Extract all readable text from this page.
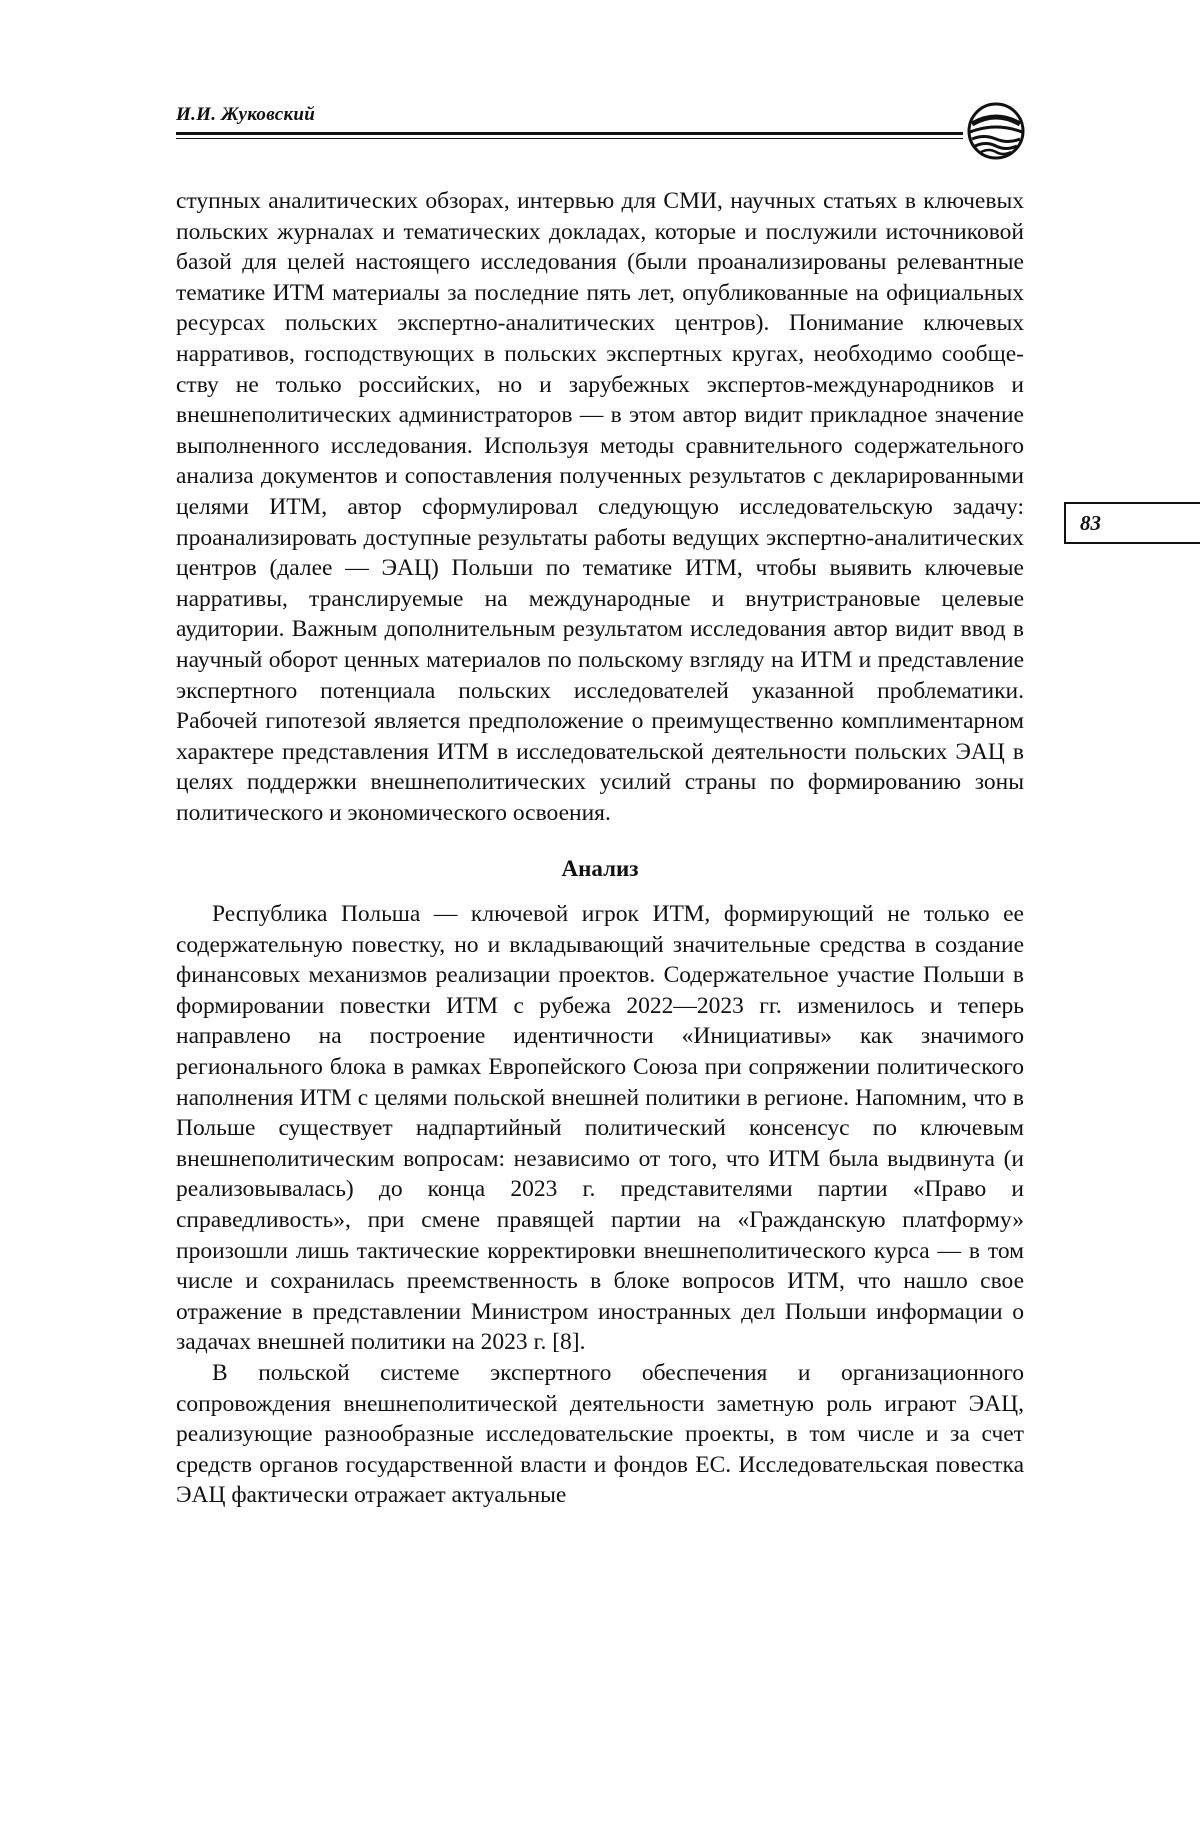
И.И. Жуковский
83

ступных аналитических обзорах, интервью для СМИ, научных статьях в ключевых польских журналах и тематических докладах, которые и послужили источниковой базой для целей настоящего исследования (были проанализированы релевантные тематике ИТМ материалы за последние пять лет, опубликованные на официальных ресурсах польских экспертно-аналитических центров). Понимание ключевых нарративов, господствующих в польских экспертных кругах, необходимо сообществу не только российских, но и зарубежных экспертов-международников и внешнеполитических администраторов — в этом автор видит прикладное значение выполненного исследования. Используя методы сравнительного содержательного анализа документов и сопоставления полученных результатов с декларированными целями ИТМ, автор сформулировал следующую исследовательскую задачу: проанализировать доступные результаты работы ведущих экспертно-аналитических центров (далее — ЭАЦ) Польши по тематике ИТМ, чтобы выявить ключевые нарративы, транслируемые на международные и внутристрановые целевые аудитории. Важным дополнительным результатом исследования автор видит ввод в научный оборот ценных материалов по польскому взгляду на ИТМ и представление экспертного потенциала польских исследователей указанной проблематики. Рабочей гипотезой является предположение о преимущественно комплиментарном характере представления ИТМ в исследовательской деятельности польских ЭАЦ в целях поддержки внешнеполитических усилий страны по формированию зоны политического и экономического освоения.

Анализ

Республика Польша — ключевой игрок ИТМ, формирующий не только ее содержательную повестку, но и вкладывающий значительные средства в создание финансовых механизмов реализации проектов. Содержательное участие Польши в формировании повестки ИТМ с рубежа 2022—2023 гг. изменилось и теперь направлено на построение идентичности «Инициативы» как значимого регионального блока в рамках Европейского Союза при сопряжении политического наполнения ИТМ с целями польской внешней политики в регионе. Напомним, что в Польше существует надпартийный политический консенсус по ключевым внешнеполитическим вопросам: независимо от того, что ИТМ была выдвинута (и реализовывалась) до конца 2023 г. представителями партии «Право и справедливость», при смене правящей партии на «Гражданскую платформу» произошли лишь тактические корректировки внешнеполитического курса — в том числе и сохранилась преемственность в блоке вопросов ИТМ, что нашло свое отражение в представлении Министром иностранных дел Польши информации о задачах внешней политики на 2023 г. [8].

В польской системе экспертного обеспечения и организационного сопровождения внешнеполитической деятельности заметную роль играют ЭАЦ, реализующие разнообразные исследовательские проекты, в том числе и за счет средств органов государственной власти и фондов ЕС. Исследовательская повестка ЭАЦ фактически отражает актуальные
